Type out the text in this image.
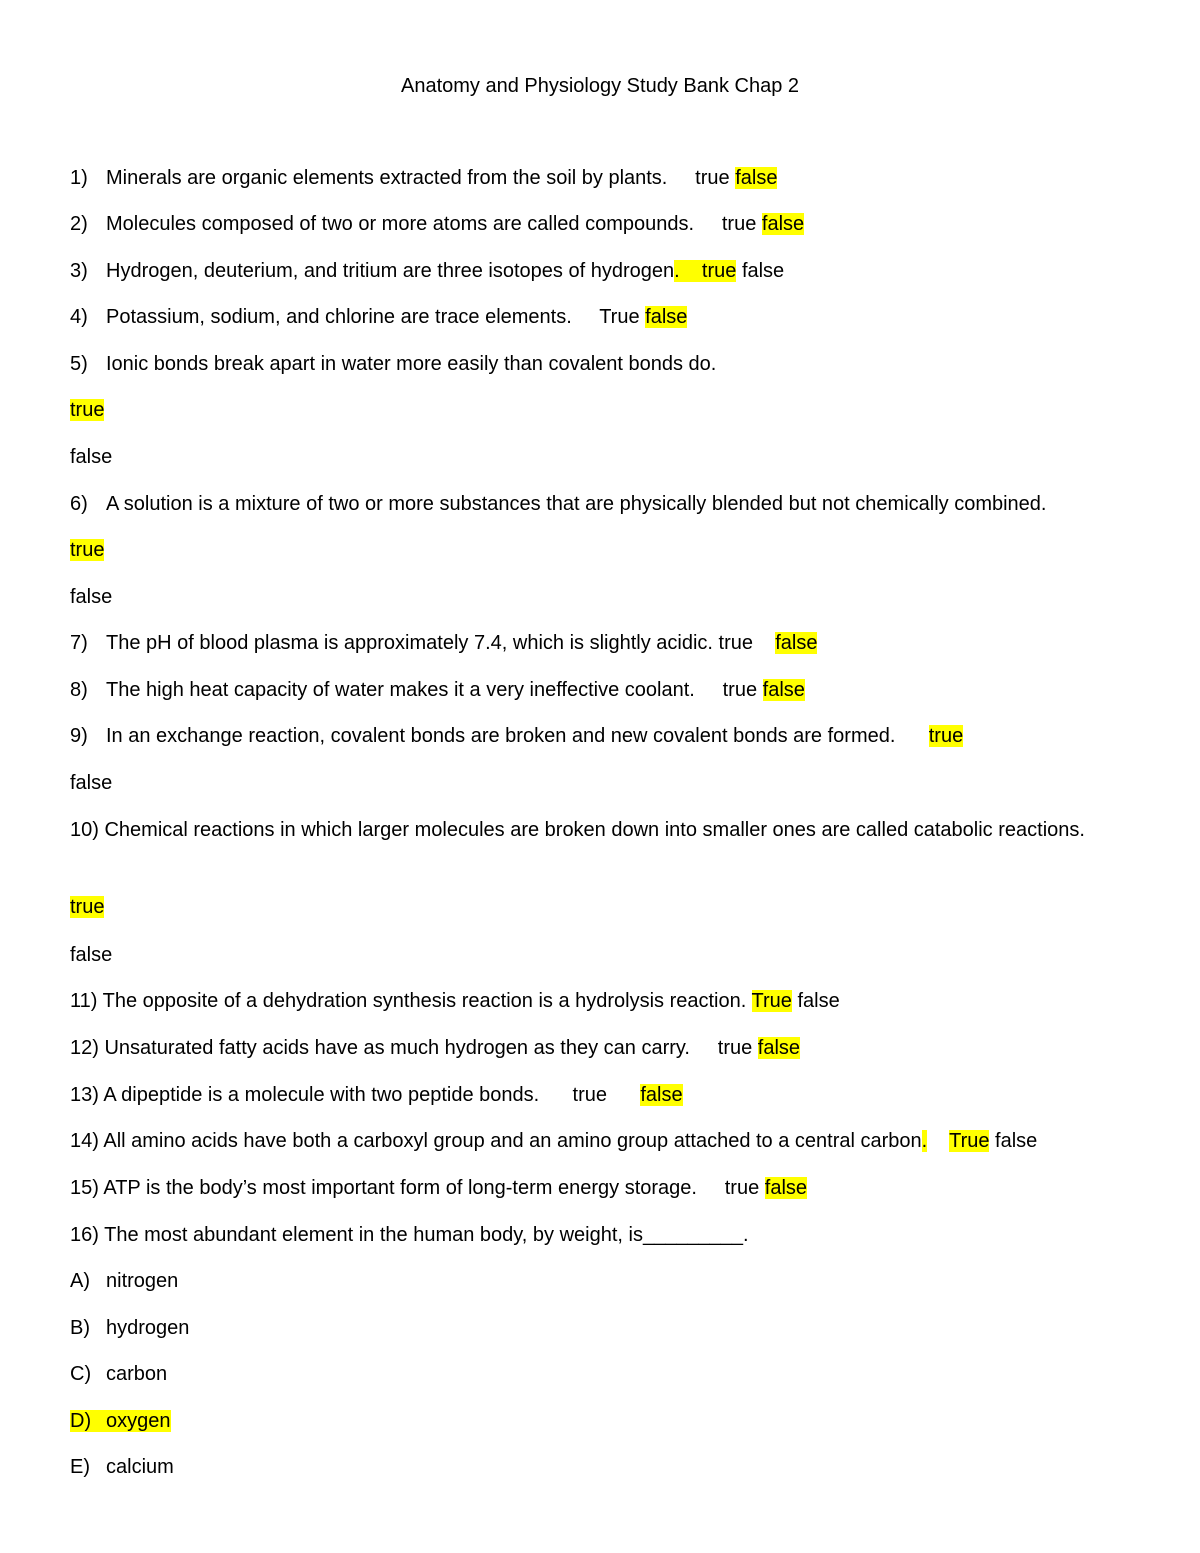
Anatomy and Physiology Study Bank Chap 2

1) Minerals are organic elements extracted from the soil by plants. true false

2) Molecules composed of two or more atoms are called compounds. true false

3) Hydrogen, deuterium, and tritium are three isotopes of hydrogen. true false

4) Potassium, sodium, and chlorine are trace elements. True false

5) Ionic bonds break apart in water more easily than covalent bonds do.

true

false

6) A solution is a mixture of two or more substances that are physically blended but not chemically combined.

true

false

7) The pH of blood plasma is approximately 7.4, which is slightly acidic. true false

8) The high heat capacity of water makes it a very ineffective coolant. true false

9) In an exchange reaction, covalent bonds are broken and new covalent bonds are formed. true

false

10) Chemical reactions in which larger molecules are broken down into smaller ones are called catabolic reactions.

true

false

11) The opposite of a dehydration synthesis reaction is a hydrolysis reaction. True false

12) Unsaturated fatty acids have as much hydrogen as they can carry. true false

13) A dipeptide is a molecule with two peptide bonds. true false

14) All amino acids have both a carboxyl group and an amino group attached to a central carbon. True false

15) ATP is the body’s most important form of long-term energy storage. true false

16) The most abundant element in the human body, by weight, is_________.

A) nitrogen

B) hydrogen

C) carbon

D) oxygen

E) calcium
